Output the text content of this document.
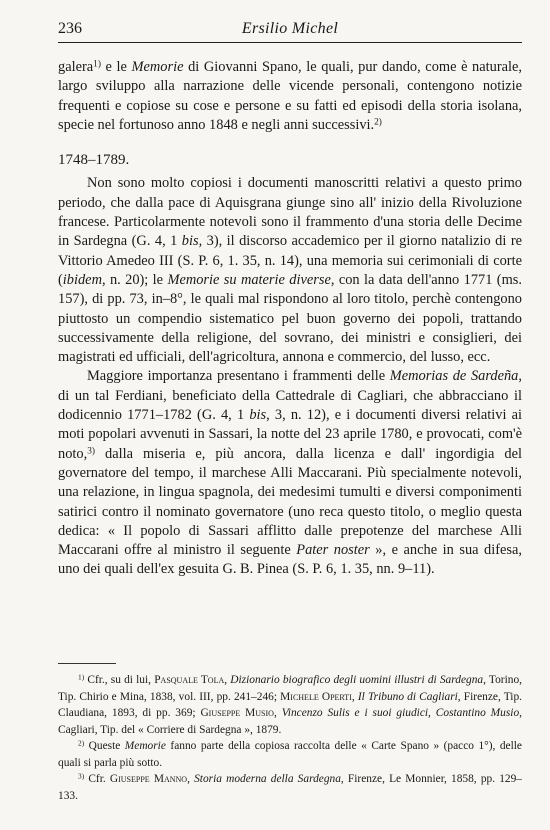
236	Ersilio Michel

galera$^{1)}$ e le Memorie di Giovanni Spano, le quali, pur dando, come è naturale, largo sviluppo alla narrazione delle vicende personali, contengono notizie frequenti e copiose su cose e persone e su fatti ed episodi della storia isolana, specie nel fortunoso anno 1848 e negli anni successivi.$^{2)}$

1748–1789.

Non sono molto copiosi i documenti manoscritti relativi a questo primo periodo, che dalla pace di Aquisgrana giunge sino all' inizio della Rivoluzione francese. Particolarmente notevoli sono il frammento d'una storia delle Decime in Sardegna (G. 4, 1 bis, 3), il discorso accademico per il giorno natalizio di re Vittorio Amedeo III (S. P. 6, 1. 35, n. 14), una memoria sui cerimoniali di corte (ibidem, n. 20); le Memorie su materie diverse, con la data dell'anno 1771 (ms. 157), di pp. 73, in–8°, le quali mal rispondono al loro titolo, perchè contengono piuttosto un compendio sistematico pel buon governo dei popoli, trattando successivamente della religione, del sovrano, dei ministri e consiglieri, dei magistrati ed ufficiali, dell'agricoltura, annona e commercio, del lusso, ecc.

Maggiore importanza presentano i frammenti delle Memorias de Sardeña, di un tal Ferdiani, beneficiato della Cattedrale di Cagliari, che abbracciano il dodicennio 1771–1782 (G. 4, 1 bis, 3, n. 12), e i documenti diversi relativi ai moti popolari avvenuti in Sassari, la notte del 23 aprile 1780, e provocati, com'è noto,$^{3)}$ dalla miseria e, più ancora, dalla licenza e dall' ingordigia del governatore del tempo, il marchese Alli Maccarani. Più specialmente notevoli, una relazione, in lingua spagnola, dei medesimi tumulti e diversi componimenti satirici contro il nominato governatore (uno reca questo titolo, o meglio questa dedica: « Il popolo di Sassari afflitto dalle prepotenze del marchese Alli Maccarani offre al ministro il seguente Pater noster », e anche in sua difesa, uno dei quali dell'ex gesuita G. B. Pinea (S. P. 6, 1. 35, nn. 9–11).

$^{1)}$ Cfr., su di lui, Pasquale Tola, Dizionario biografico degli uomini illustri di Sardegna, Torino, Tip. Chirio e Mina, 1838, vol. III, pp. 241–246; Michele Operti, Il Tribuno di Cagliari, Firenze, Tip. Claudiana, 1893, di pp. 369; Giuseppe Musio, Vincenzo Sulis e i suoi giudici, Costantino Musio, Cagliari, Tip. del « Corriere di Sardegna », 1879.

$^{2)}$ Queste Memorie fanno parte della copiosa raccolta delle « Carte Spano » (pacco 1°), delle quali si parla più sotto.

$^{3)}$ Cfr. Giuseppe Manno, Storia moderna della Sardegna, Firenze, Le Monnier, 1858, pp. 129–133.
